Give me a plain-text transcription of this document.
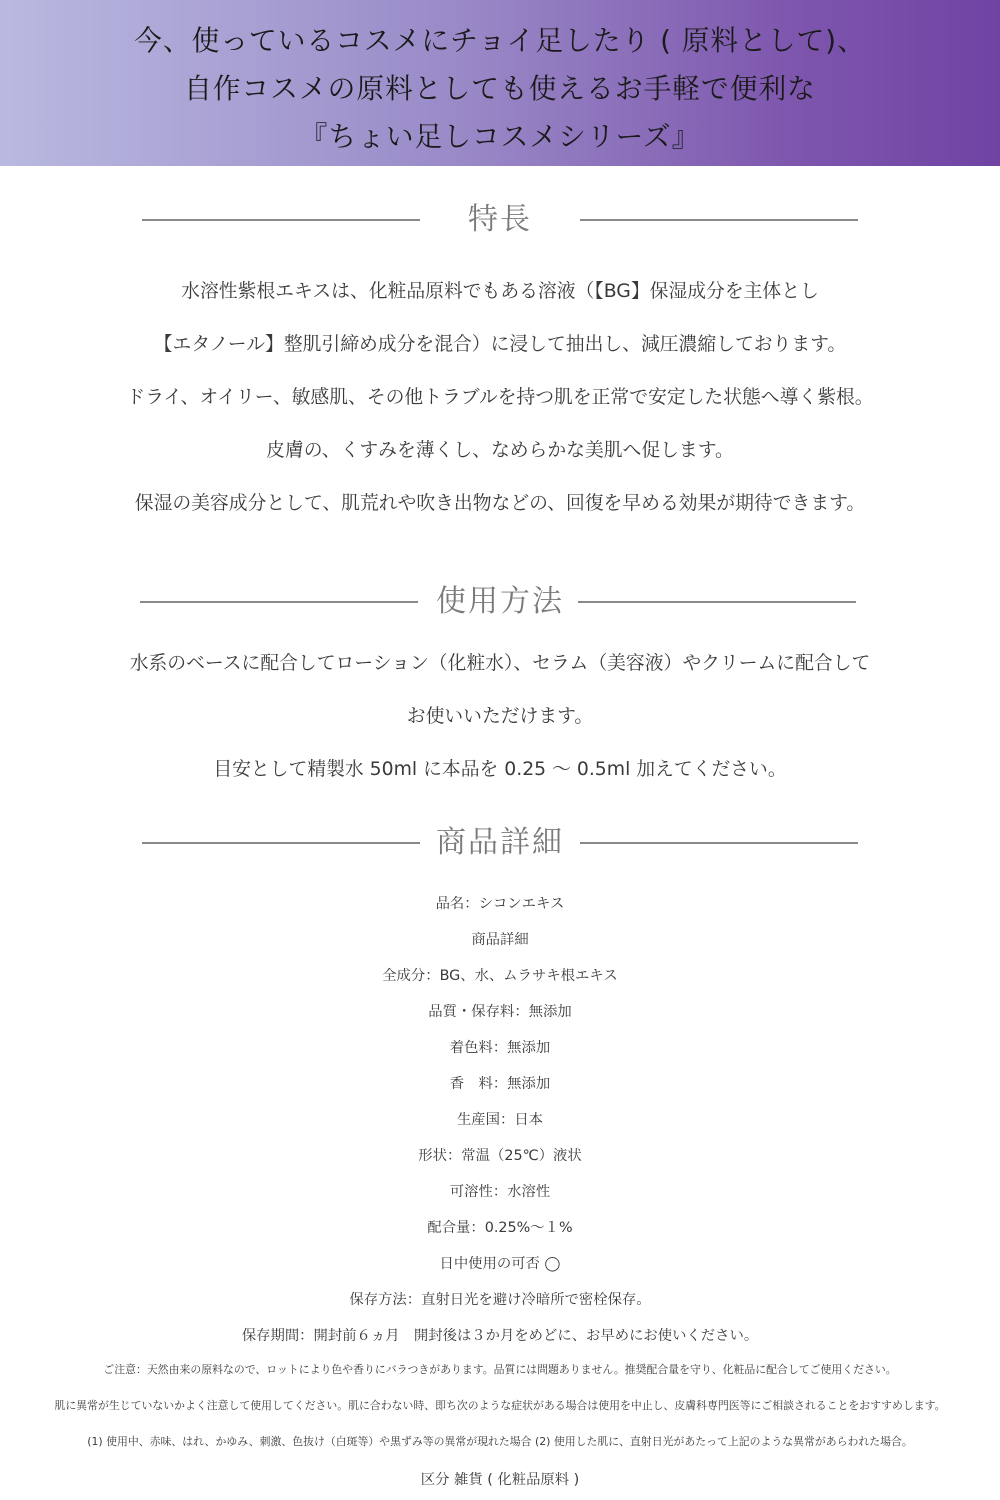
今、使っているコスメにチョイ足したり ( 原料として)、
自作コスメの原料としても使えるお手軽で便利な
『ちょい足しコスメシリーズ』
特長
水溶性紫根エキスは、化粧品原料でもある溶液（【BG】保湿成分を主体とし
【エタノール】整肌引締め成分を混合）に浸して抽出し、減圧濃縮しております。
ドライ、オイリー、敏感肌、その他トラブルを持つ肌を正常で安定した状態へ導く紫根。
皮膚の、くすみを薄くし、なめらかな美肌へ促します。
保湿の美容成分として、肌荒れや吹き出物などの、回復を早める効果が期待できます。
使用方法
水系のベースに配合してローション（化粧水）、セラム（美容液）やクリームに配合して
お使いいただけます。
目安として精製水 50ml に本品を 0.25 ～ 0.5ml 加えてください。
商品詳細
品名：シコンエキス
商品詳細
全成分：BG、水、ムラサキ根エキス
品質・保存料：無添加
着色料：無添加
香　料：無添加
生産国：日本
形状：常温（25℃）液状
可溶性：水溶性
配合量：0.25%～１%
日中使用の可否 ◯
保存方法：直射日光を避け冷暗所で密栓保存。
保存期間：開封前６ヵ月　開封後は３か月をめどに、お早めにお使いください。
ご注意：天然由来の原料なので、ロットにより色や香りにバラつきがあります。品質には問題ありません。推奨配合量を守り、化粧品に配合してご使用ください。
肌に異常が生じていないかよく注意して使用してください。肌に合わない時、即ち次のような症状がある場合は使用を中止し、皮膚科専門医等にご相談されることをおすすめします。
(1) 使用中、赤味、はれ、かゆみ、刺激、色抜け（白斑等）や黒ずみ等の異常が現れた場合 (2) 使用した肌に、直射日光があたって上記のような異常があらわれた場合。
区分 雑貨 ( 化粧品原料 )
